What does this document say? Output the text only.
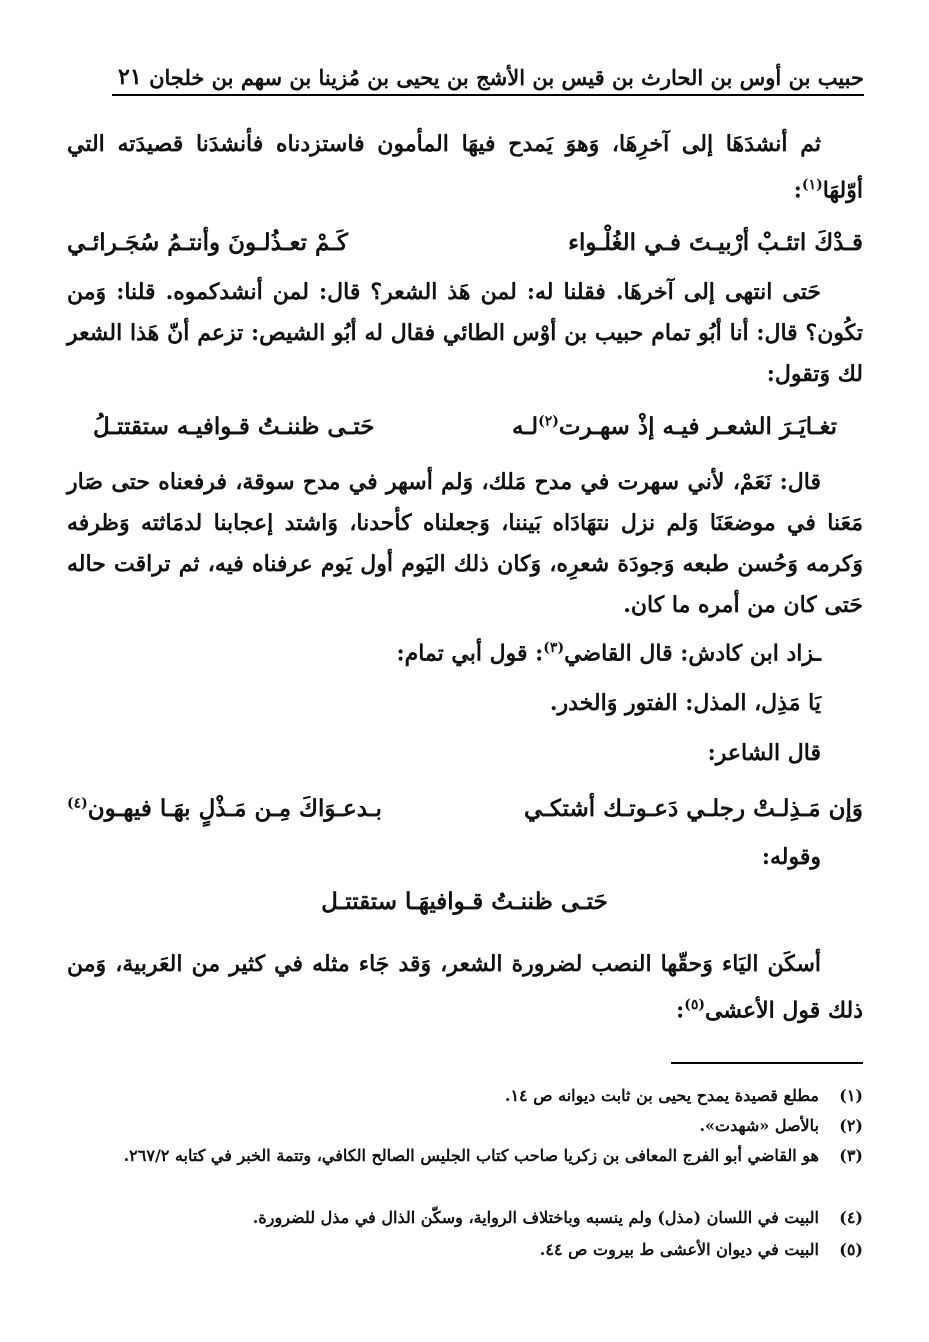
حبيب بن أوس بن الحارث بن قيس بن الأشج بن يحيى بن مُزينا بن سهم بن خلجان
٢١
ثم أنشدَهَا إلى آخرِهَا، وَهوَ يَمدح فيهَا المأمون فاستزدناه فأنشدَنا قصيدَته التي أوّلهَا$^{(١)}$:
قـدْكَ اتئـبْ أرْبيـتَ فـي الغُلْـواء
كَـمْ تعـذُلـونَ وأنتـمُ سُجَـرائـي
حَتى انتهى إلى آخرهَا. فقلنا له: لمن هَذ الشعر؟ قال: لمن أنشدكموه. قلنا: وَمن تكُون؟ قال: أنا أبُو تمام حبيب بن أوْس الطائي فقال له أبُو الشيص: تزعم أنّ هَذا الشعر لك وَتقول:
تغـايَـرَ الشعـر فيـه إذْ سهـرت$^{(٢)}$لـه
حَتـى ظننـتُ قـوافيـه ستقتتـلُ
قال: نَعَمْ، لأني سهرت في مدح مَلك، وَلم أسهر في مدح سوقة، فرفعناه حتى صَار مَعَنا في موضعَنَا وَلم نزل نتهَادَاه بَيننا، وَجعلناه كأحدنا، وَاشتد إعجابنا لدمَاثته وَظرفه وَكرمه وَحُسن طبعه وَجودَة شعرِه، وَكان ذلك اليَوم أول يَوم عرفناه فيه، ثم تراقت حاله حَتى كان من أمره ما كان.
ـزاد ابن كادش: قال القاضي$^{(٣)}$: قول أبي تمام:
يَا مَذِل، المذل: الفتور وَالخدر.
قال الشاعر:
وَإن مَـذِلـتْ رجلـي دَعـوتـك أشتكـي
بـدعـوَاكَ مِـن مَـذْلٍ بهَـا فيهـون$^{(٤)}$
وقوله:
حَتـى ظننـتُ قـوافيهَـا ستقتتـل
أسكَن اليَاء وَحقّها النصب لضرورة الشعر، وَقد جَاء مثله في كثير من العَربية، وَمن ذلك قول الأعشى$^{(٥)}$:
(١)
مطلع قصيدة يمدح يحيى بن ثابت ديوانه ص ١٤.
(٢)
بالأصل «شهدت».
(٣)
هو القاضي أبو الفرج المعافى بن زكريا صاحب كتاب الجليس الصالح الكافي، وتتمة الخبر في كتابه ٢٦٧/٢.
(٤)
البيت في اللسان (مذل) ولم ينسبه وباختلاف الرواية، وسكّن الذال في مذل للضرورة.
(٥)
البيت في ديوان الأعشى ط بيروت ص ٤٤.
